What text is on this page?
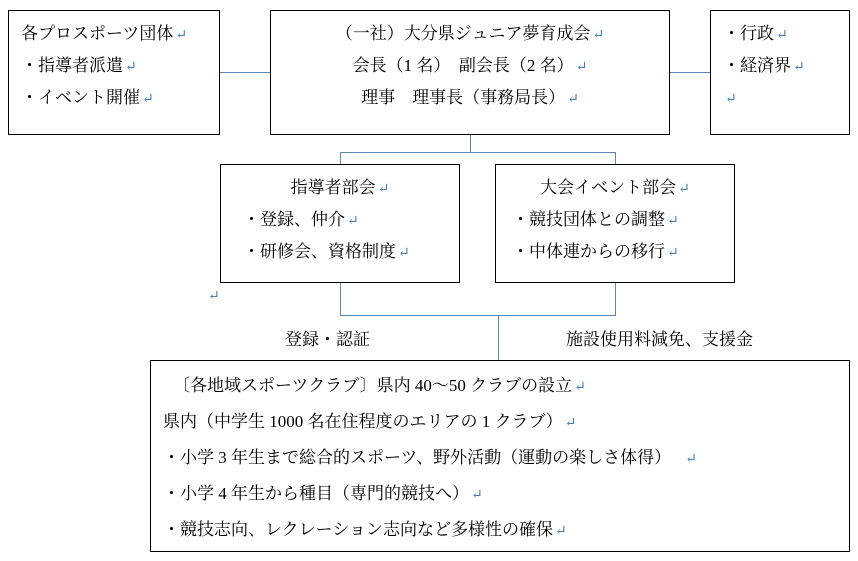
各プロスポーツ団体 ↵
・指導者派遣 ↵
・イベント開催 ↵
（一社）大分県ジュニア夢育成会 ↵
会長（1 名）　副会長（2 名） ↵
理事　理事長（事務局長） ↵
・行政 ↵
・経済界 ↵
↵
指導者部会 ↵
・登録、仲介 ↵
・研修会、資格制度 ↵
大会イベント部会 ↵
・競技団体との調整 ↵
・中体連からの移行 ↵
〔各地域スポーツクラブ〕県内 40〜50 クラブの設立 ↵
県内（中学生 1000 名在住程度のエリアの 1 クラブ） ↵
・小学 3 年生まで総合的スポーツ、野外活動（運動の楽しさ体得） ↵
・小学 4 年生から種目（専門的競技へ） ↵
・競技志向、レクレーション志向など多様性の確保 ↵
↵
登録・認証	施設使用料減免、支援金
